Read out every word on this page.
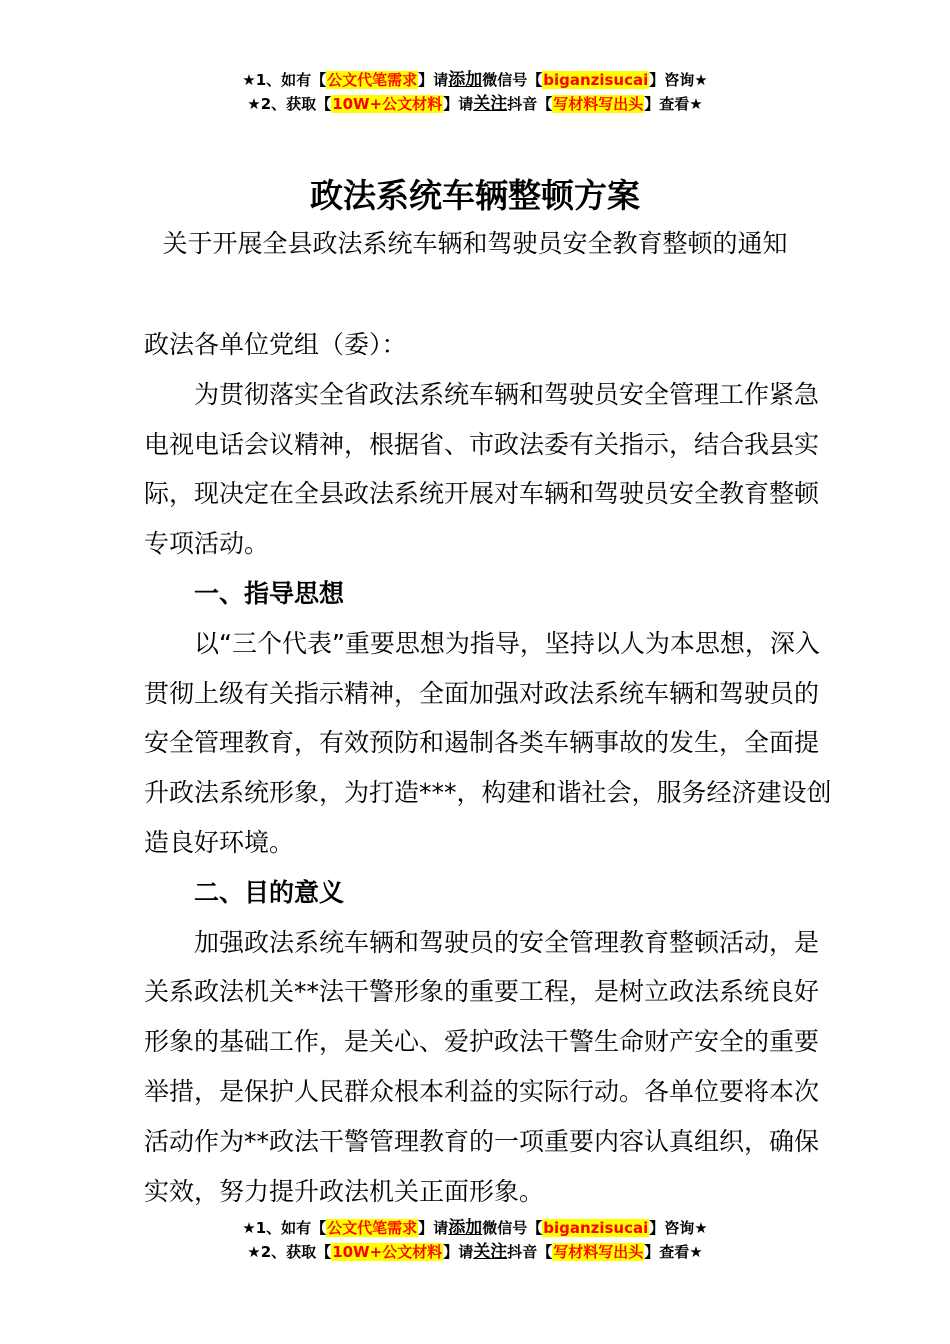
★1、如有【公文代笔需求】请添加微信号【biganzisucai】咨询★
★2、获取【10W+公文材料】请关注抖音【写材料写出头】查看★
政法系统车辆整顿方案
关于开展全县政法系统车辆和驾驶员安全教育整顿的通知

政法各单位党组（委）：

为贯彻落实全省政法系统车辆和驾驶员安全管理工作紧急电视电话会议精神，根据省、市政法委有关指示，结合我县实际，现决定在全县政法系统开展对车辆和驾驶员安全教育整顿专项活动。

一、指导思想

以“三个代表”重要思想为指导，坚持以人为本思想，深入贯彻上级有关指示精神，全面加强对政法系统车辆和驾驶员的安全管理教育，有效预防和遏制各类车辆事故的发生，全面提升政法系统形象，为打造***，构建和谐社会，服务经济建设创造良好环境。

二、目的意义

加强政法系统车辆和驾驶员的安全管理教育整顿活动，是关系政法机关**法干警形象的重要工程，是树立政法系统良好形象的基础工作，是关心、爱护政法干警生命财产安全的重要举措，是保护人民群众根本利益的实际行动。各单位要将本次活动作为**政法干警管理教育的一项重要内容认真组织，确保实效，努力提升政法机关正面形象。

★1、如有【公文代笔需求】请添加微信号【biganzisucai】咨询★
★2、获取【10W+公文材料】请关注抖音【写材料写出头】查看★
